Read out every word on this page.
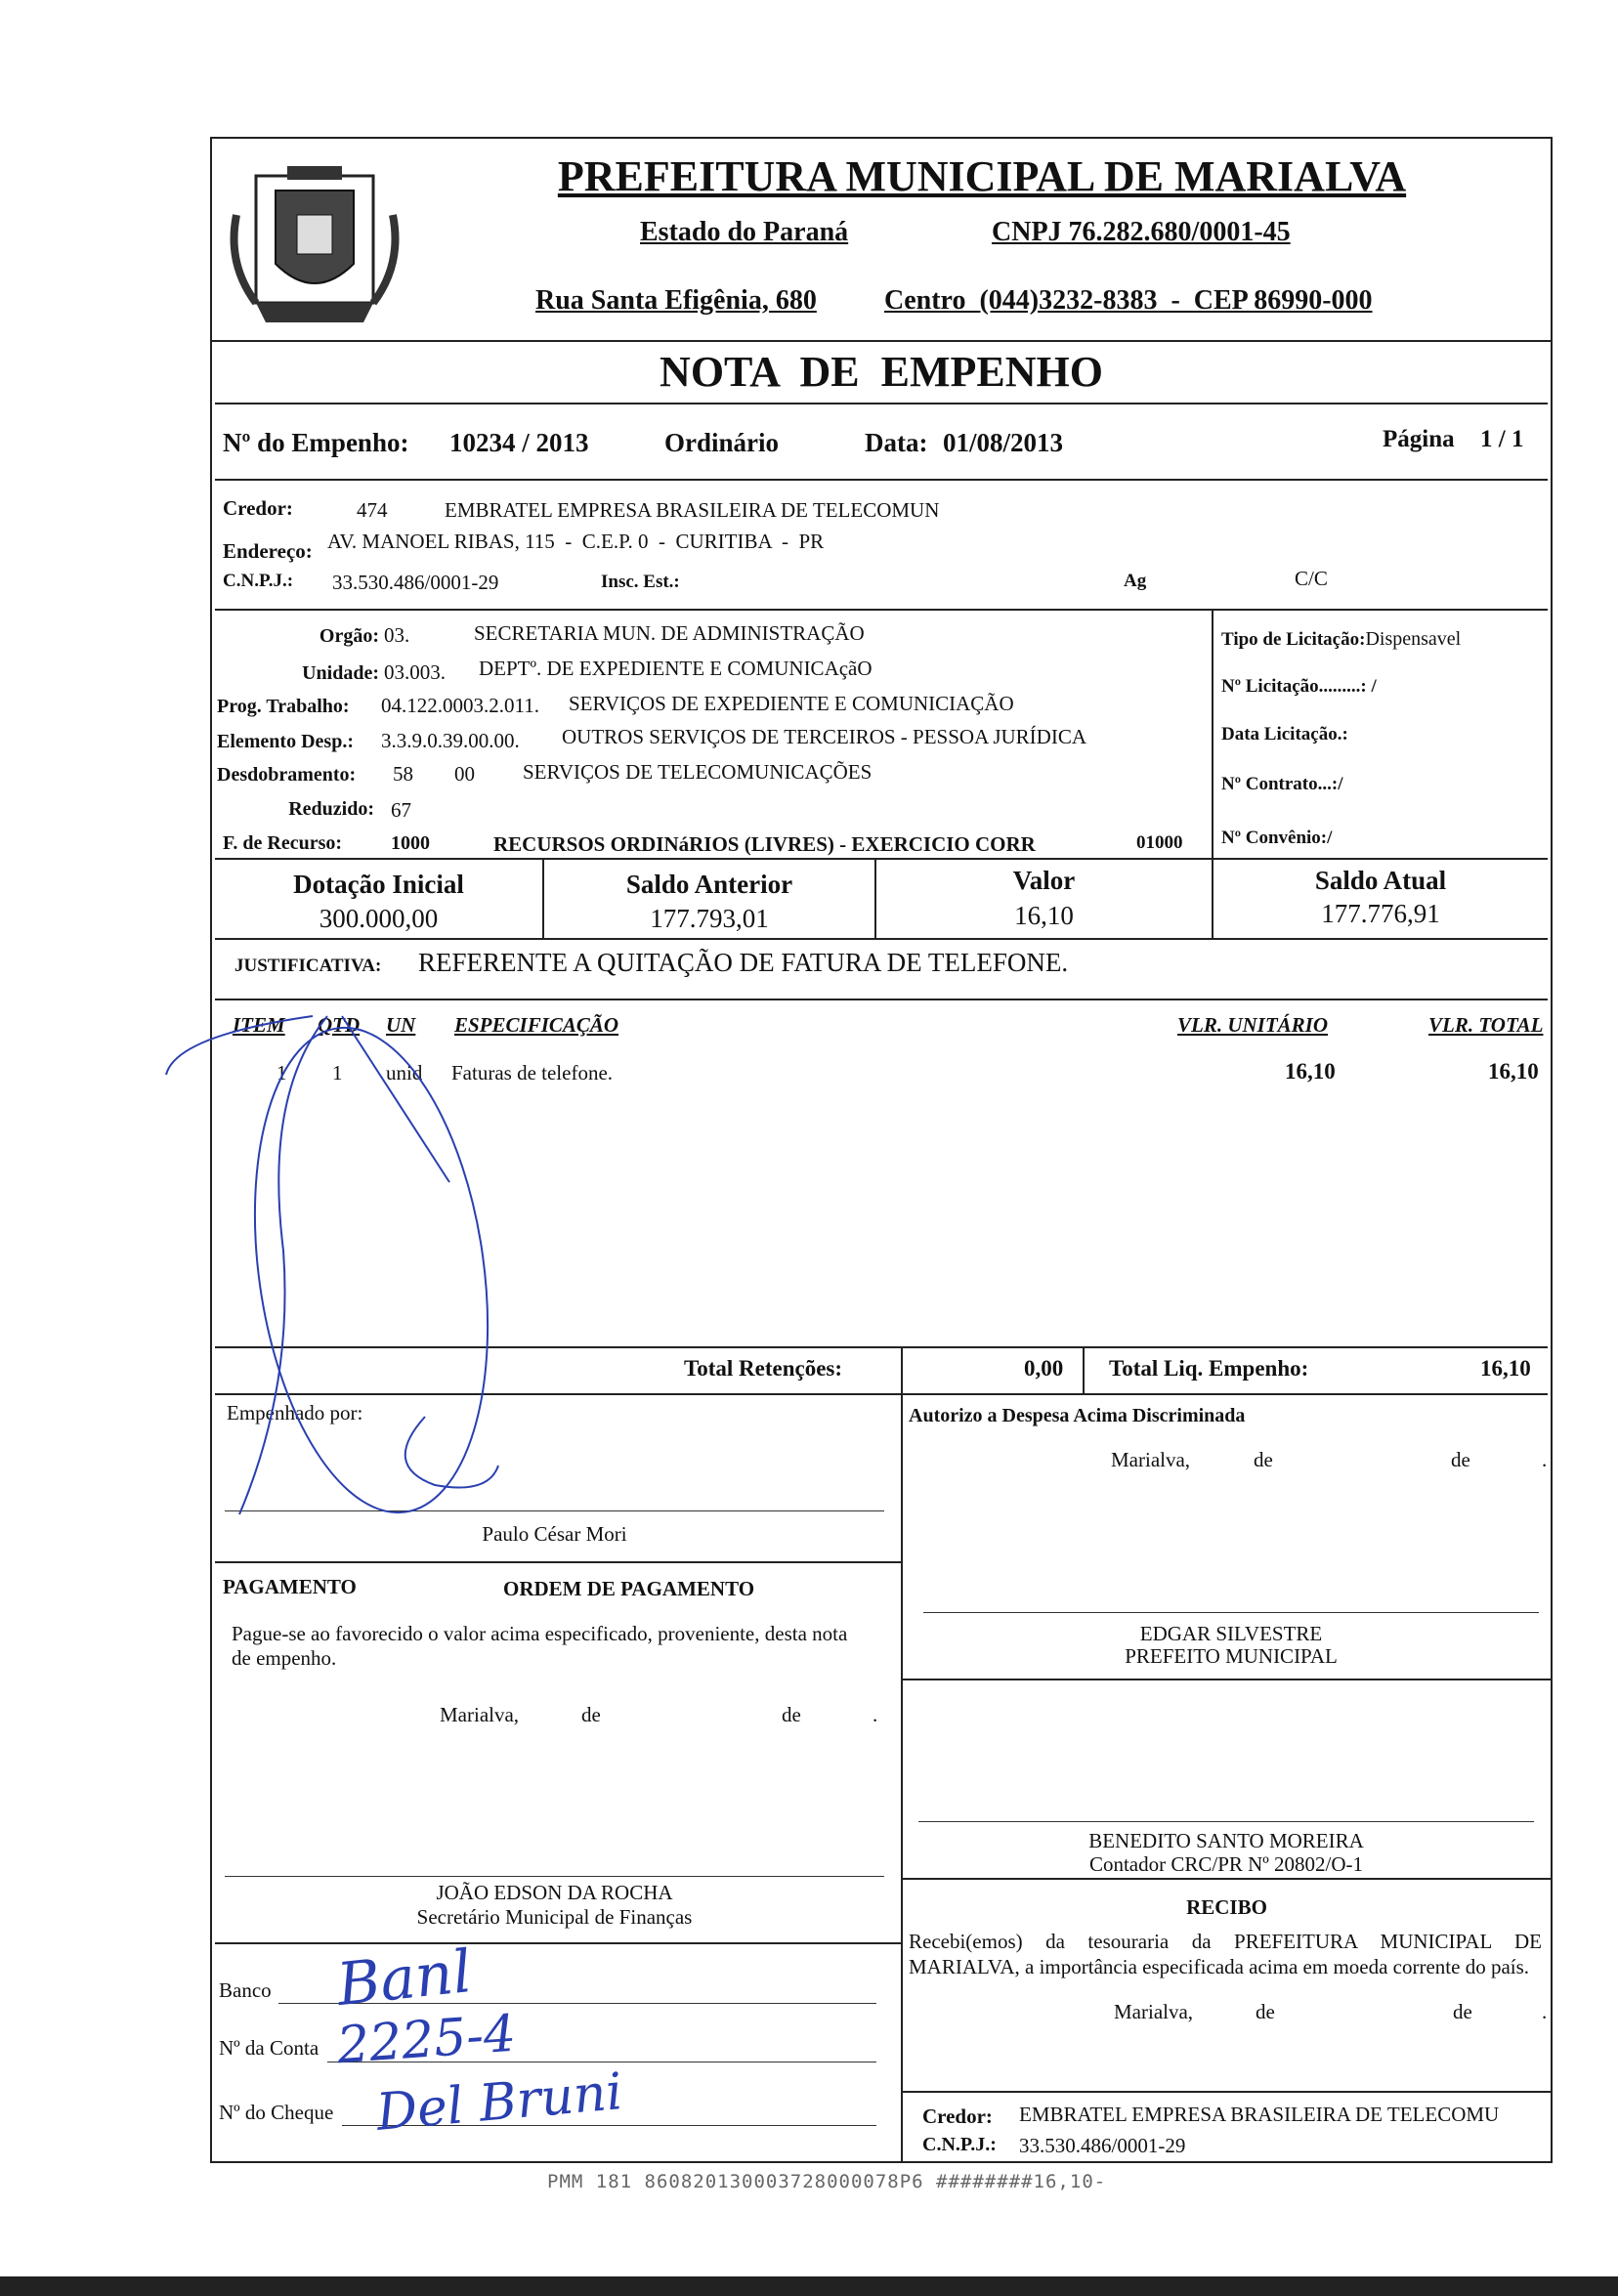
PREFEITURA MUNICIPAL DE MARIALVA
Estado do Paraná	CNPJ 76.282.680/0001-45
Rua Santa Efigênia, 680 Centro  (044)3232-8383  -  CEP 86990-000
NOTA  DE  EMPENHO
Nº do Empenho: 10234 / 2013	Ordinário	Data: 01/08/2013	Página 1 / 1
Credor:	474	EMBRATEL EMPRESA BRASILEIRA DE TELECOMUN
Endereço: AV. MANOEL RIBAS, 115  -  C.E.P. 0  -  CURITIBA  -  PR
C.N.P.J.: 33.530.486/0001-29	Insc. Est.:	Ag	C/C
Orgão: 03.	SECRETARIA MUN. DE ADMINISTRAÇÃO
Unidade: 03.003. DEPTº. DE EXPEDIENTE E COMUNICAçãO
Prog. Trabalho: 04.122.0003.2.011. SERVIÇOS DE EXPEDIENTE E COMUNICIAÇÃO
Elemento Desp.: 3.3.9.0.39.00.00. OUTROS SERVIÇOS DE TERCEIROS - PESSOA JURÍDICA
Desdobramento: 58 00 SERVIÇOS DE TELECOMUNICAÇÕES
Reduzido: 67
F. de Recurso: 1000	RECURSOS ORDINáRIOS (LIVRES) - EXERCICIO CORR	01000
Tipo de Licitação:Dispensavel
Nº Licitação.........: /
Data Licitação.:
Nº Contrato...:/
Nº Convênio:/
Dotação Inicial
300.000,00
Saldo Anterior
177.793,01
Valor
16,10
Saldo Atual
177.776,91
JUSTIFICATIVA: REFERENTE A QUITAÇÃO DE FATURA DE TELEFONE.
ITEM QTD UN ESPECIFICAÇÃO	VLR. UNITÁRIO	VLR. TOTAL
1 1 unid Faturas de telefone.	16,10	16,10
Total Retenções:	0,00 Total Liq. Empenho:	16,10
Empenhado por:
Paulo César Mori
Autorizo a Despesa Acima Discriminada
Marialva,	de	de	.
EDGAR SILVESTRE
PREFEITO MUNICIPAL
PAGAMENTO	ORDEM DE PAGAMENTO
Pague-se ao favorecido o valor acima especificado, proveniente, desta nota de empenho.
Marialva,	de	de	.
BENEDITO SANTO MOREIRA
Contador CRC/PR Nº 20802/O-1
JOÃO EDSON DA ROCHA
Secretário Municipal de Finanças	RECIBO
Recebi(emos) da tesouraria da PREFEITURA MUNICIPAL DE MARIALVA, a importância especificada acima em moeda corrente do país.
Marialva,	de	de	.
Credor: EMBRATEL EMPRESA BRASILEIRA DE TELECOMU
C.N.P.J.: 33.530.486/0001-29
Banco
Nº da Conta
Nº do Cheque
Banl
2225-4
Del Bruni
PMM 181 860820130003728000078P6 ########16,10-
